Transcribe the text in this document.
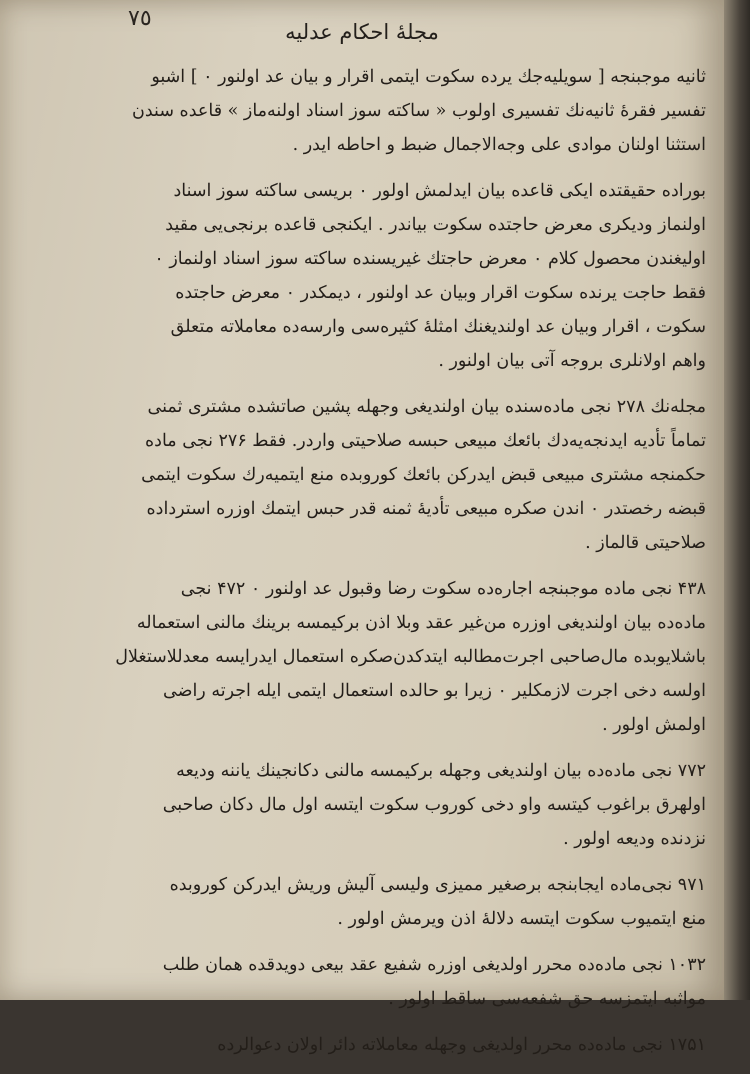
٧٥
مجلۀ احکام عدلیه
ثانیه موجبنجه [ سویلیه‌جك یرده سکوت ایتمی اقرار و بیان عد اولنور ۰ ] اشبو
تفسیر فقره‌ٔ ثانیه‌نك تفسیری اولوب « ساکته سوز اسناد اولنه‌ماز » قاعده سندن
استثنا اولنان موادی علی وجه‌الاجمال ضبط و احاطه ایدر .
بوراده حقیقتده ایکی قاعده بیان ایدلمش اولور ۰ بریسی ساکته سوز اسناد
اولنماز ودیکری معرض حاجتده سکوت بیاندر . ایکنجی قاعده برنجی‌یی مقید
اولیغندن محصول کلام ۰ معرض حاجتك غیریسنده ساکته سوز اسناد اولنماز ۰
فقط حاجت یرنده سکوت اقرار وبیان عد اولنور ، دیمکدر ۰ معرض حاجتده
سکوت ، اقرار وبیان عد اولندیغنك امثلهٔ کثیره‌سی وارسه‌ده معاملاته متعلق
واهم اولانلری بروجه آتی بیان اولنور .
مجله‌نك ۲۷۸ نجی ماده‌سنده بیان اولندیغی وجهله پشین صاتشده مشتری ثمنی
تماماً تأدیه ایدنجه‌یه‌دك بائعك مبیعی حبسه صلاحیتی واردر. فقط ۲۷۶ نجی ماده
حکمنجه مشتری مبیعی قبض ایدرکن بائعك کوروبده منع ایتمیه‌رك سکوت ایتمی
قبضه رخصتدر ۰ اندن صکره مبیعی تأدیهٔ ثمنه قدر حبس ایتمك اوزره استرداده
صلاحیتی قالماز .
۴۳۸ نجی ماده موجبنجه اجاره‌ده سکوت رضا وقبول عد اولنور ۰ ۴۷۲ نجی
ماده‌ده بیان اولندیغی اوزره من‌غیر عقد وبلا اذن برکیمسه برینك مالنی استعماله
باشلایوبده مال‌صاحبی اجرت‌مطالبه ایتدکدن‌صکره استعمال ایدرایسه معدللاستغلال
اولسه دخی اجرت لازمکلیر ۰ زیرا بو حالده استعمال ایتمی ایله اجرته راضی
اولمش اولور .
۷۷۲ نجی ماده‌ده بیان اولندیغی وجهله برکیمسه مالنی دکانجینك یاننه ودیعه
اولهرق براغوب کیتسه واو دخی کوروب سکوت ایتسه اول مال دکان صاحبی
نزدنده ودیعه اولور .
۹۷۱ نجی‌ماده ایجابنجه برصغیر ممیزی ولیسی آلیش وریش ایدرکن کوروبده
منع ایتمیوب سکوت ایتسه دلالهٔ اذن ویرمش اولور .
۱۰۳۲ نجی ماده‌ده محرر اولدیغی اوزره شفیع عقد بیعی دویدقده همان طلب
مواثبه ایتمزسه حق شفعه‌سی ساقط اولور .
۱۷۵۱ نجی ماده‌ده محرر اولدیغی وجهله معاملاته دائر اولان دعوالرده
